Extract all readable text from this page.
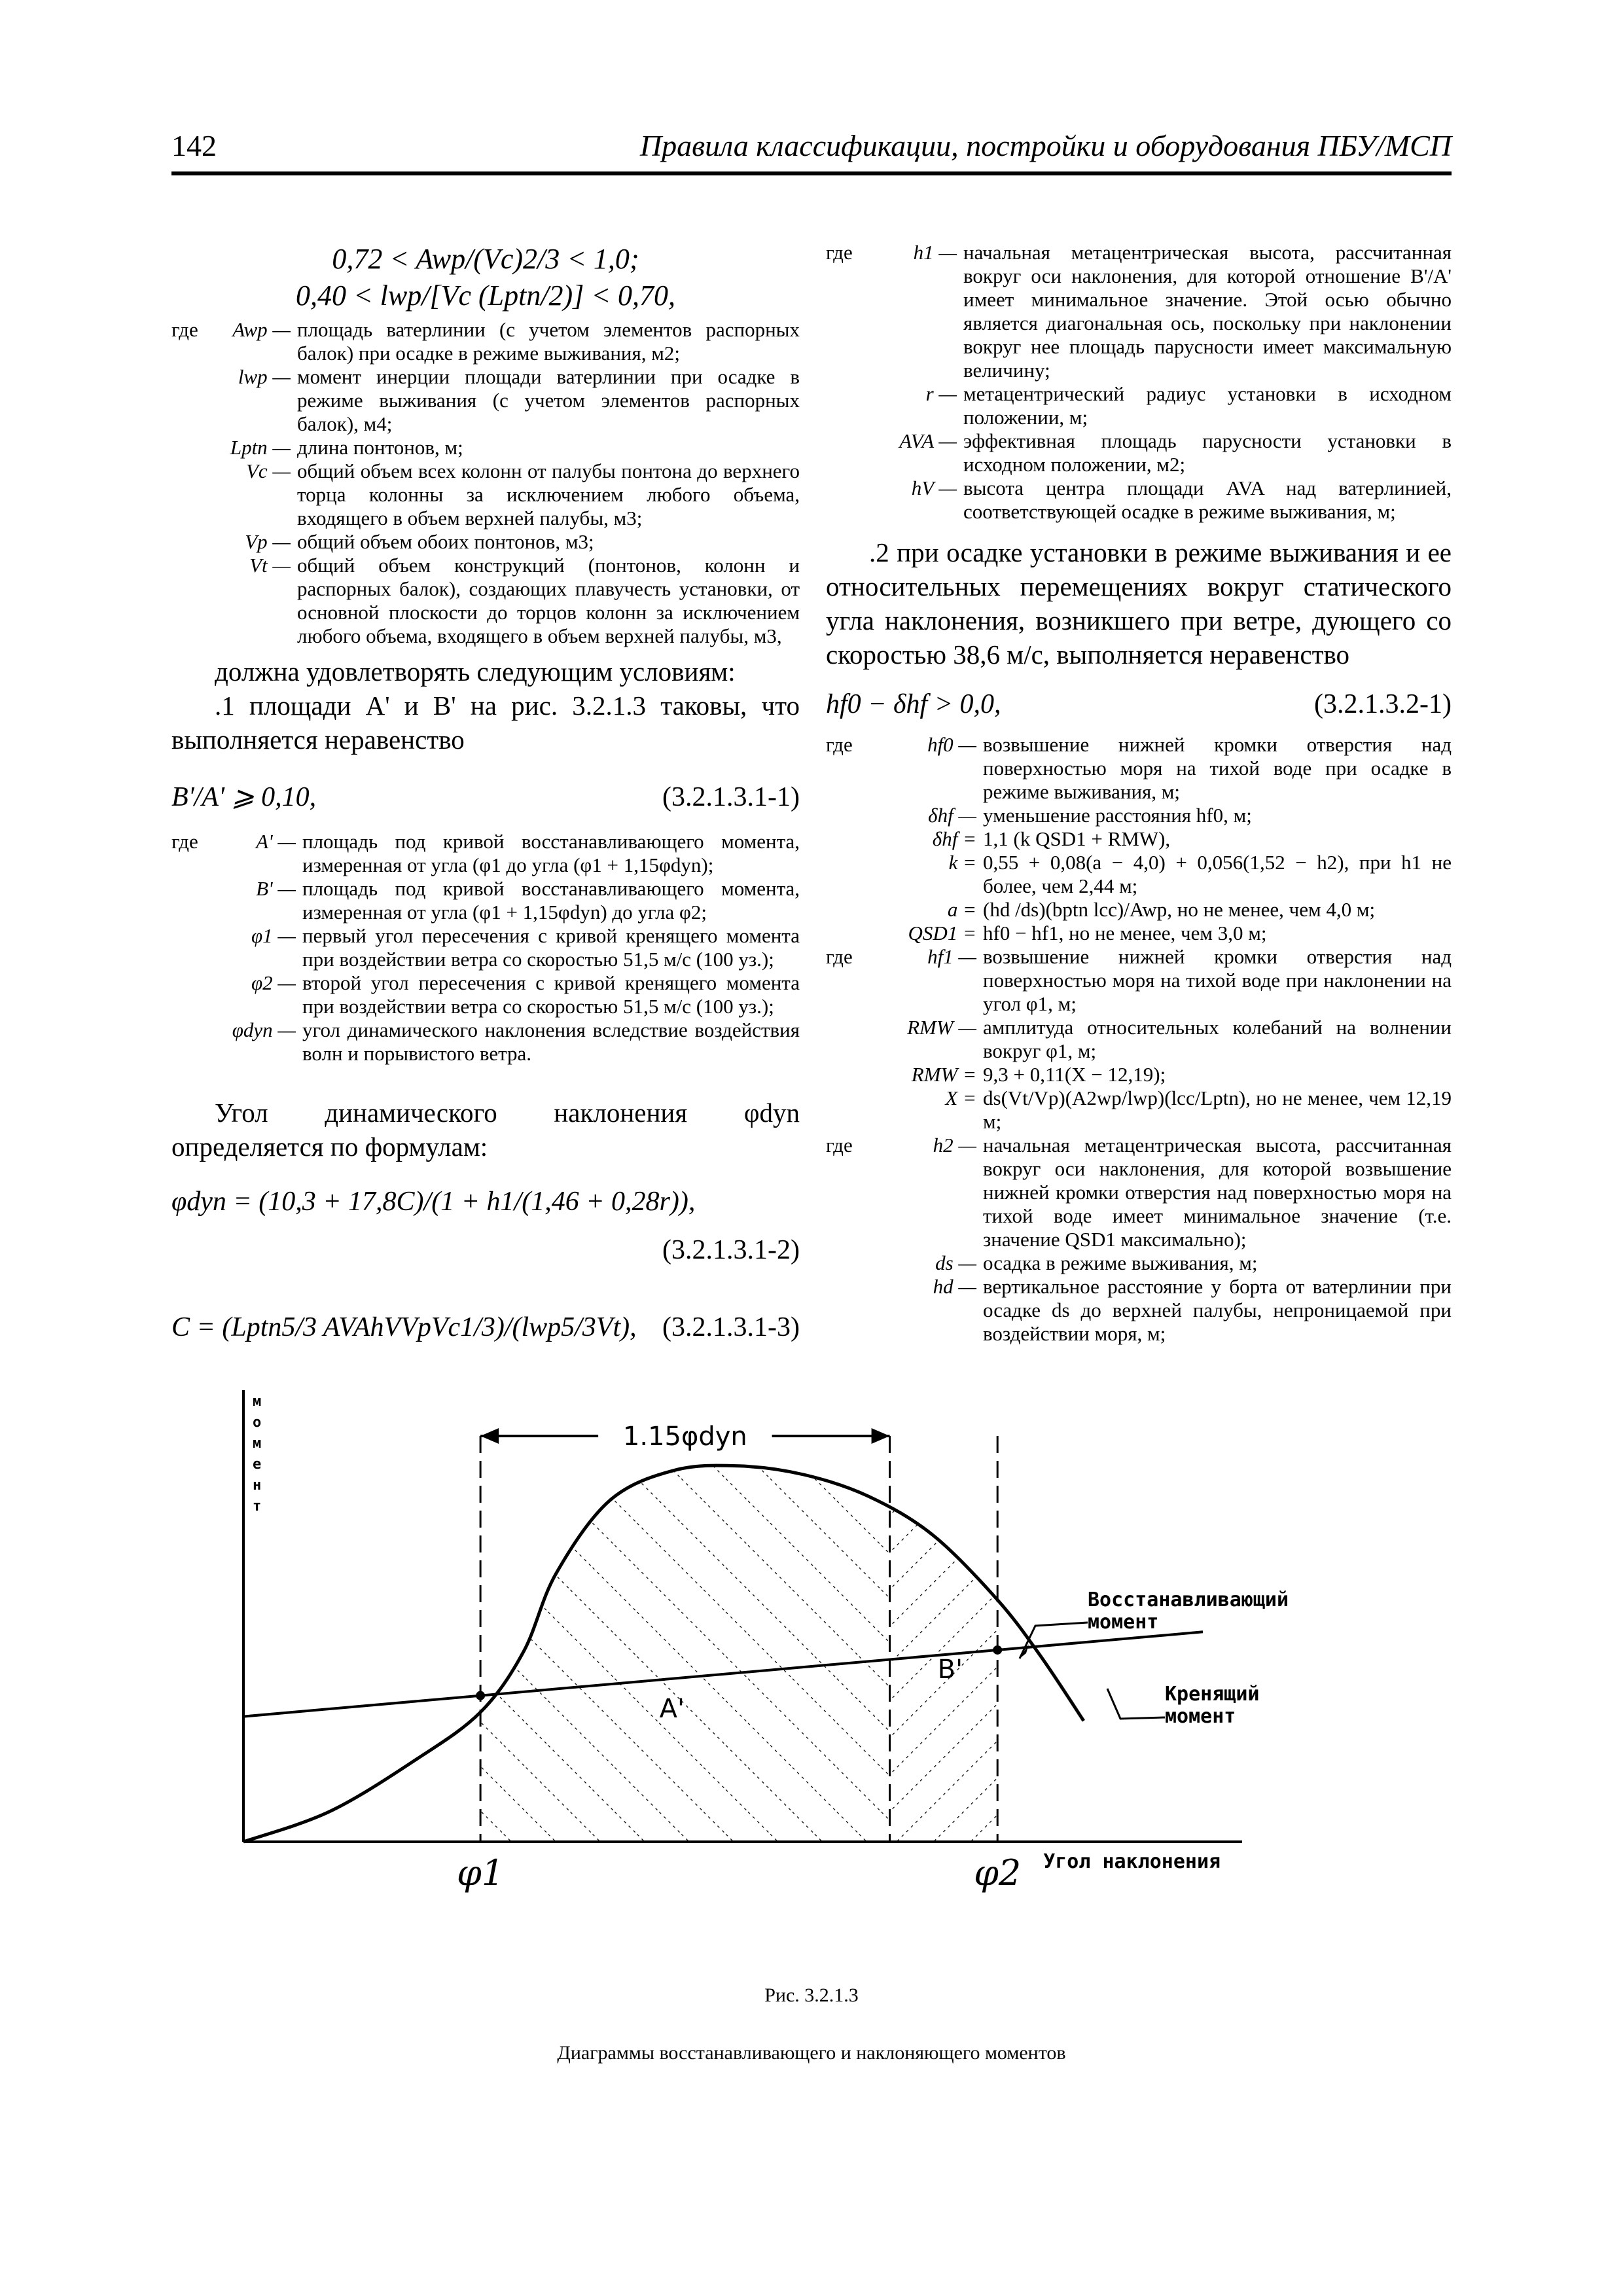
142	Правила классификации, постройки и оборудования ПБУ/МСП
0,72 < Awp/(Vc)2/3 < 1,0;
0,40 < lwp/[Vc (Lptn/2)] < 0,70,
где	Awp — площадь ватерлинии (с учетом элементов распорных балок) при осадке в режиме выживания, м2;
lwp — момент инерции площади ватерлинии при осадке в режиме выживания (с учетом элементов распорных балок), м4;
Lptn — длина понтонов, м;
Vc — общий объем всех колонн от палубы понтона до верхнего торца колонны за исключением любого объема, входящего в объем верхней палубы, м3;
Vp — общий объем обоих понтонов, м3;
Vt — общий объем конструкций (понтонов, колонн и распорных балок), создающих плавучесть установки, от основной плоскости до торцов колонн за исключением любого объема, входящего в объем верхней палубы, м3,
должна удовлетворять следующим условиям:
.1 площади A' и B' на рис. 3.2.1.3 таковы, что выполняется неравенство
B'/A' ⩾ 0,10,	(3.2.1.3.1-1)
где	A' — площадь под кривой восстанавливающего момента, измеренная от угла (φ1 до угла (φ1 + 1,15φdyn);
B' — площадь под кривой восстанавливающего момента, измеренная от угла (φ1 + 1,15φdyn) до угла φ2;
φ1 — первый угол пересечения с кривой кренящего момента при воздействии ветра со скоростью 51,5 м/с (100 уз.);
φ2 — второй угол пересечения с кривой кренящего момента при воздействии ветра со скоростью 51,5 м/с (100 уз.);
φdyn — угол динамического наклонения вследствие воздействия волн и порывистого ветра.
Угол динамического наклонения φdyn определяется по формулам:
φdyn = (10,3 + 17,8C)/(1 + h1/(1,46 + 0,28r)),
(3.2.1.3.1-2)
C = (Lptn5/3 AVAhVVpVc1/3)/(lwp5/3Vt), (3.2.1.3.1-3)
где	h1 — начальная метацентрическая высота, рассчитанная вокруг оси наклонения, для которой отношение B'/A' имеет минимальное значение. Этой осью обычно является диагональная ось, поскольку при наклонении вокруг нее площадь парусности имеет максимальную величину;
r — метацентрический радиус установки в исходном положении, м;
AVA — эффективная площадь парусности установки в исходном положении, м2;
hV — высота центра площади AVA над ватерлинией, соответствующей осадке в режиме выживания, м;
.2 при осадке установки в режиме выживания и ее относительных перемещениях вокруг статического угла наклонения, возникшего при ветре, дующего со скоростью 38,6 м/с, выполняется неравенство
hf0 − δhf > 0,0,	(3.2.1.3.2-1)
где	hf0 — возвышение нижней кромки отверстия над поверхностью моря на тихой воде при осадке в режиме выживания, м;
δhf — уменьшение расстояния hf0, м;
δhf = 1,1 (k QSD1 + RMW),
k = 0,55 + 0,08(a − 4,0) + 0,056(1,52 − h2), при h1 не более, чем 2,44 м;
a = (hd /ds)(bptn lcc)/Awp, но не менее, чем 4,0 м;
QSD1 = hf0 − hf1, но не менее, чем 3,0 м;
где	hf1 — возвышение нижней кромки отверстия над поверхностью моря на тихой воде при наклонении на угол φ1, м;
RMW — амплитуда относительных колебаний на волнении вокруг φ1, м;
RMW = 9,3 + 0,11(X − 12,19);
X = ds(Vt/Vp)(A2wp/lwp)(lcc/Lptn), но не менее, чем 12,19 м;
где	h2 — начальная метацентрическая высота, рассчитанная вокруг оси наклонения, для которой возвышение нижней кромки отверстия над поверхностью моря на тихой воде имеет минимальное значение (т.е. значение QSD1 максимально);
ds — осадка в режиме выживания, м;
hd — вертикальное расстояние у борта от ватерлинии при осадке ds до верхней палубы, непроницаемой при воздействии моря, м;
1.15φdyn
φ1	φ2 Угол наклонения
м
о
м
е
н
т
A'
B'
Восстанавливающий
момент
Кренящий
момент
Рис. 3.2.1.3
Диаграммы восстанавливающего и наклоняющего моментов
